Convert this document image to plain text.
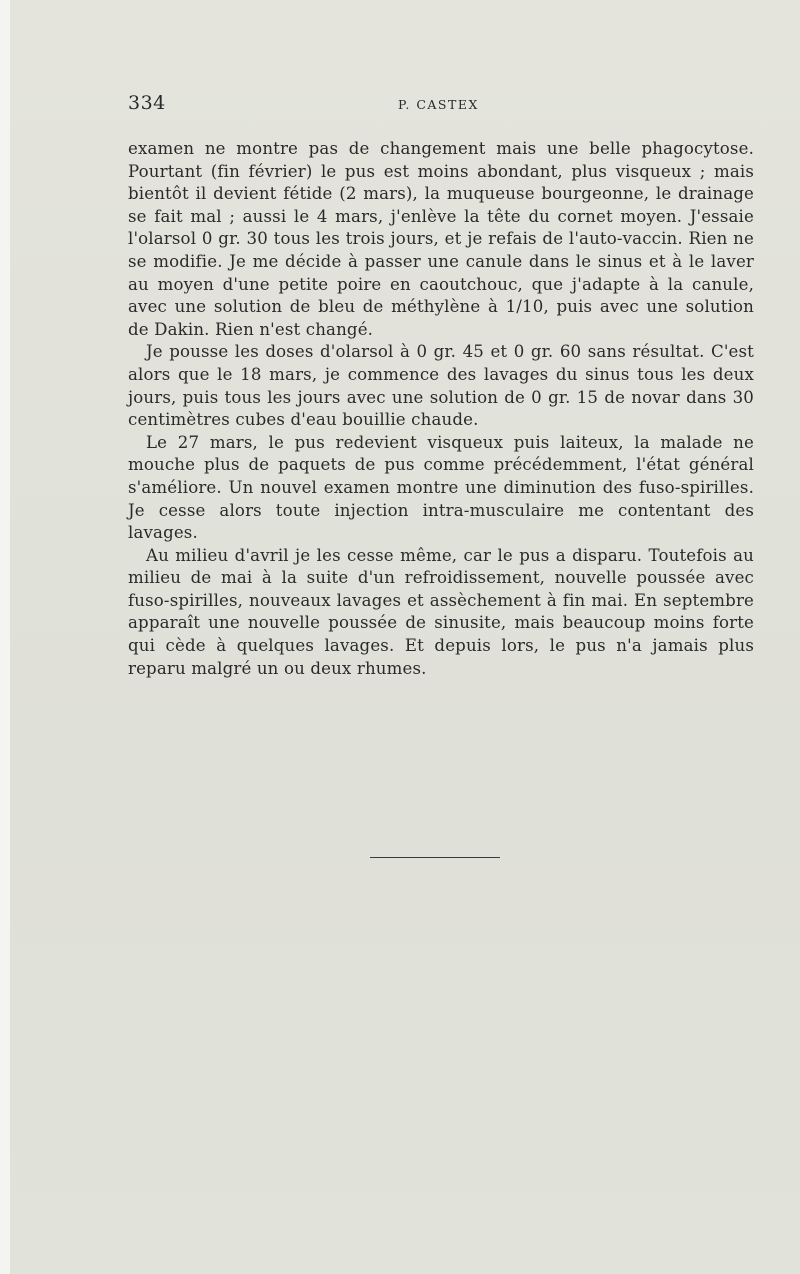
334	P. CASTEX

examen ne montre pas de changement mais une belle phagocytose. Pourtant (fin février) le pus est moins abondant, plus visqueux ; mais bientôt il devient fétide (2 mars), la muqueuse bourgeonne, le drainage se fait mal ; aussi le 4 mars, j'enlève la tête du cornet moyen. J'essaie l'olarsol 0 gr. 30 tous les trois jours, et je refais de l'auto-vaccin. Rien ne se modifie. Je me décide à passer une canule dans le sinus et à le laver au moyen d'une petite poire en caoutchouc, que j'adapte à la canule, avec une solution de bleu de méthylène à 1/10, puis avec une solution de Dakin. Rien n'est changé.

Je pousse les doses d'olarsol à 0 gr. 45 et 0 gr. 60 sans résultat. C'est alors que le 18 mars, je commence des lavages du sinus tous les deux jours, puis tous les jours avec une solution de 0 gr. 15 de novar dans 30 centimètres cubes d'eau bouillie chaude.

Le 27 mars, le pus redevient visqueux puis laiteux, la malade ne mouche plus de paquets de pus comme précédemment, l'état général s'améliore. Un nouvel examen montre une diminution des fuso-spirilles. Je cesse alors toute injection intra-musculaire me contentant des lavages.

Au milieu d'avril je les cesse même, car le pus a disparu. Toutefois au milieu de mai à la suite d'un refroidissement, nouvelle poussée avec fuso-spirilles, nouveaux lavages et assèchement à fin mai. En septembre apparaît une nouvelle poussée de sinusite, mais beaucoup moins forte qui cède à quelques lavages. Et depuis lors, le pus n'a jamais plus reparu malgré un ou deux rhumes.
